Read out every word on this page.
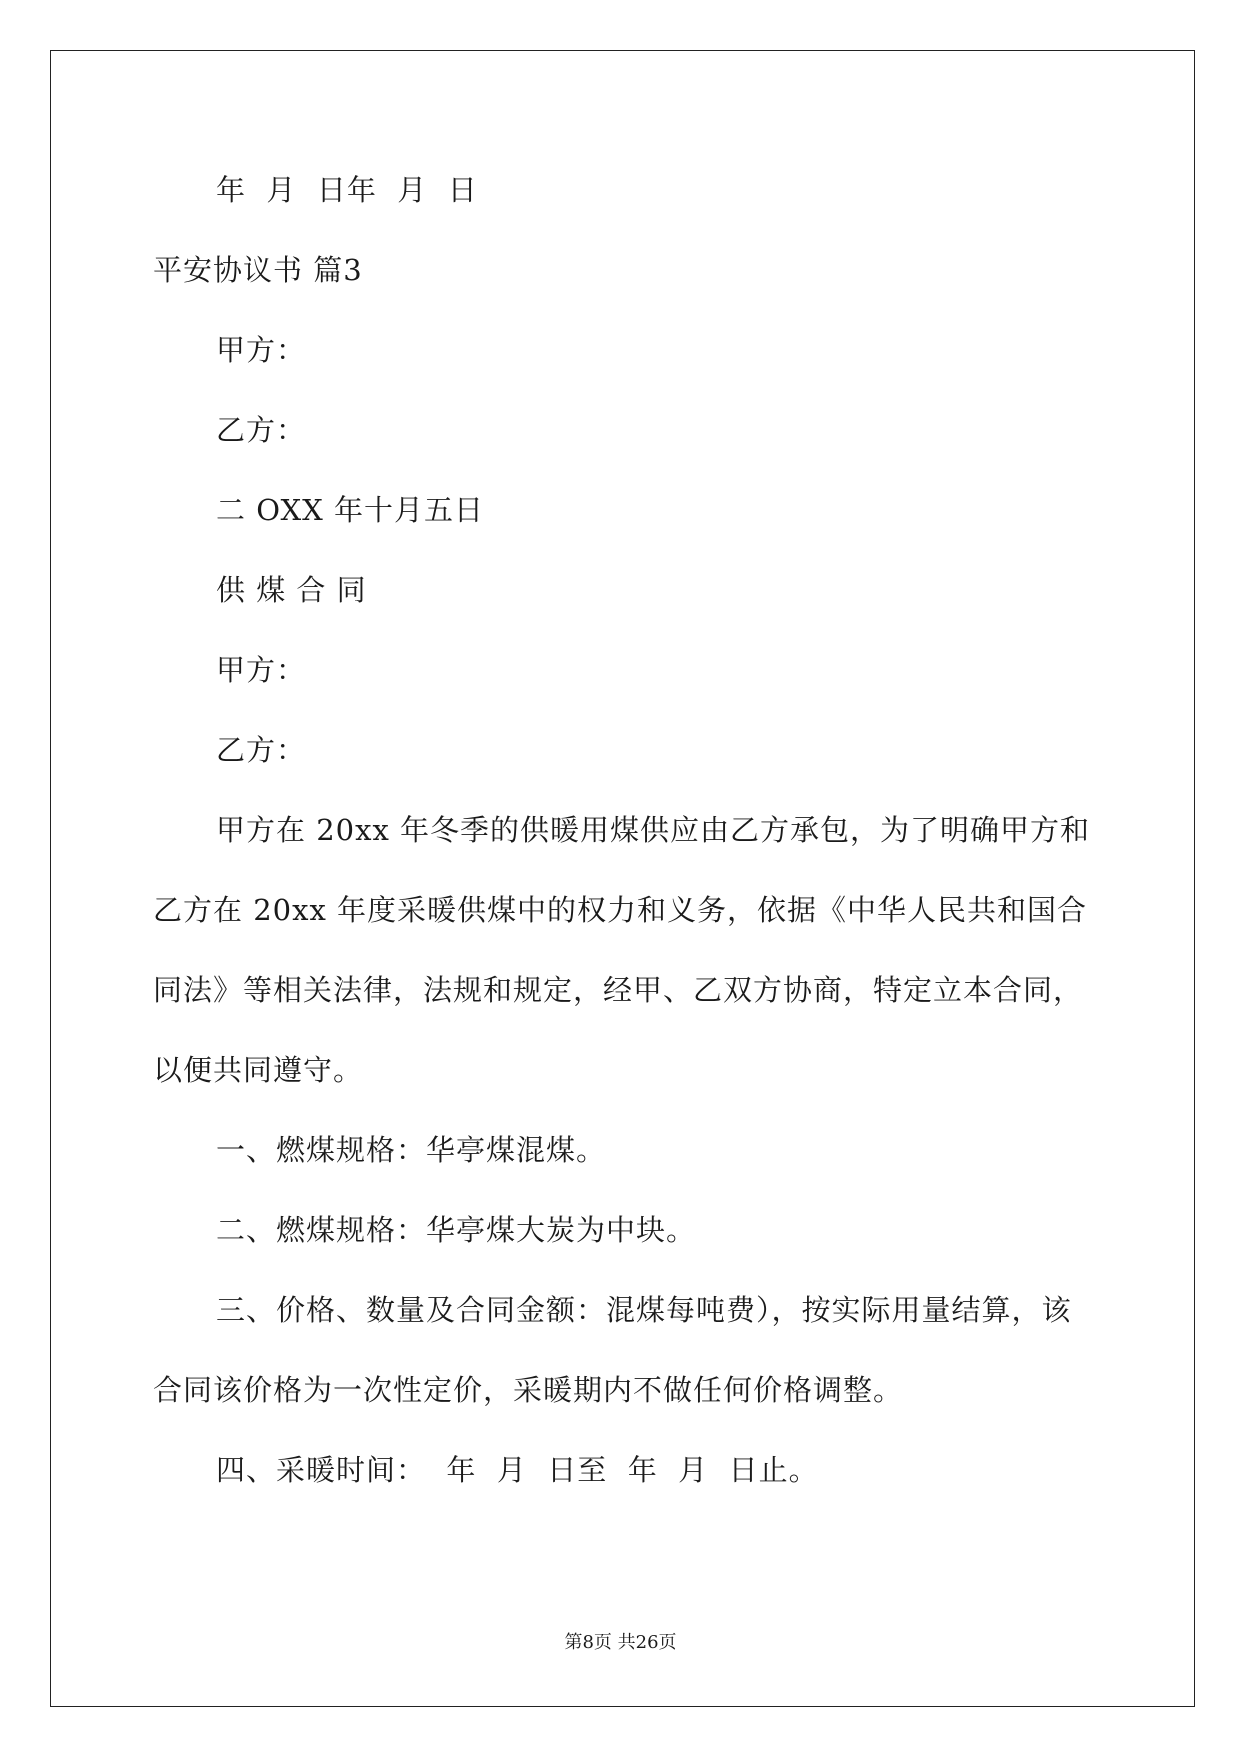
年  月  日年  月  日
平安协议书 篇3
甲方：
乙方：
二 OXX 年十月五日
供 煤 合 同
甲方：
乙方：
甲方在 20xx 年冬季的供暖用煤供应由乙方承包，为了明确甲方和
乙方在 20xx 年度采暖供煤中的权力和义务，依据《中华人民共和国合
同法》等相关法律，法规和规定，经甲、乙双方协商，特定立本合同，
以便共同遵守。
一、燃煤规格：华亭煤混煤。
二、燃煤规格：华亭煤大炭为中块。
三、价格、数量及合同金额：混煤每吨费），按实际用量结算，该
合同该价格为一次性定价，采暖期内不做任何价格调整。
四、采暖时间：  年  月  日至  年  月  日止。
第8页 共26页
